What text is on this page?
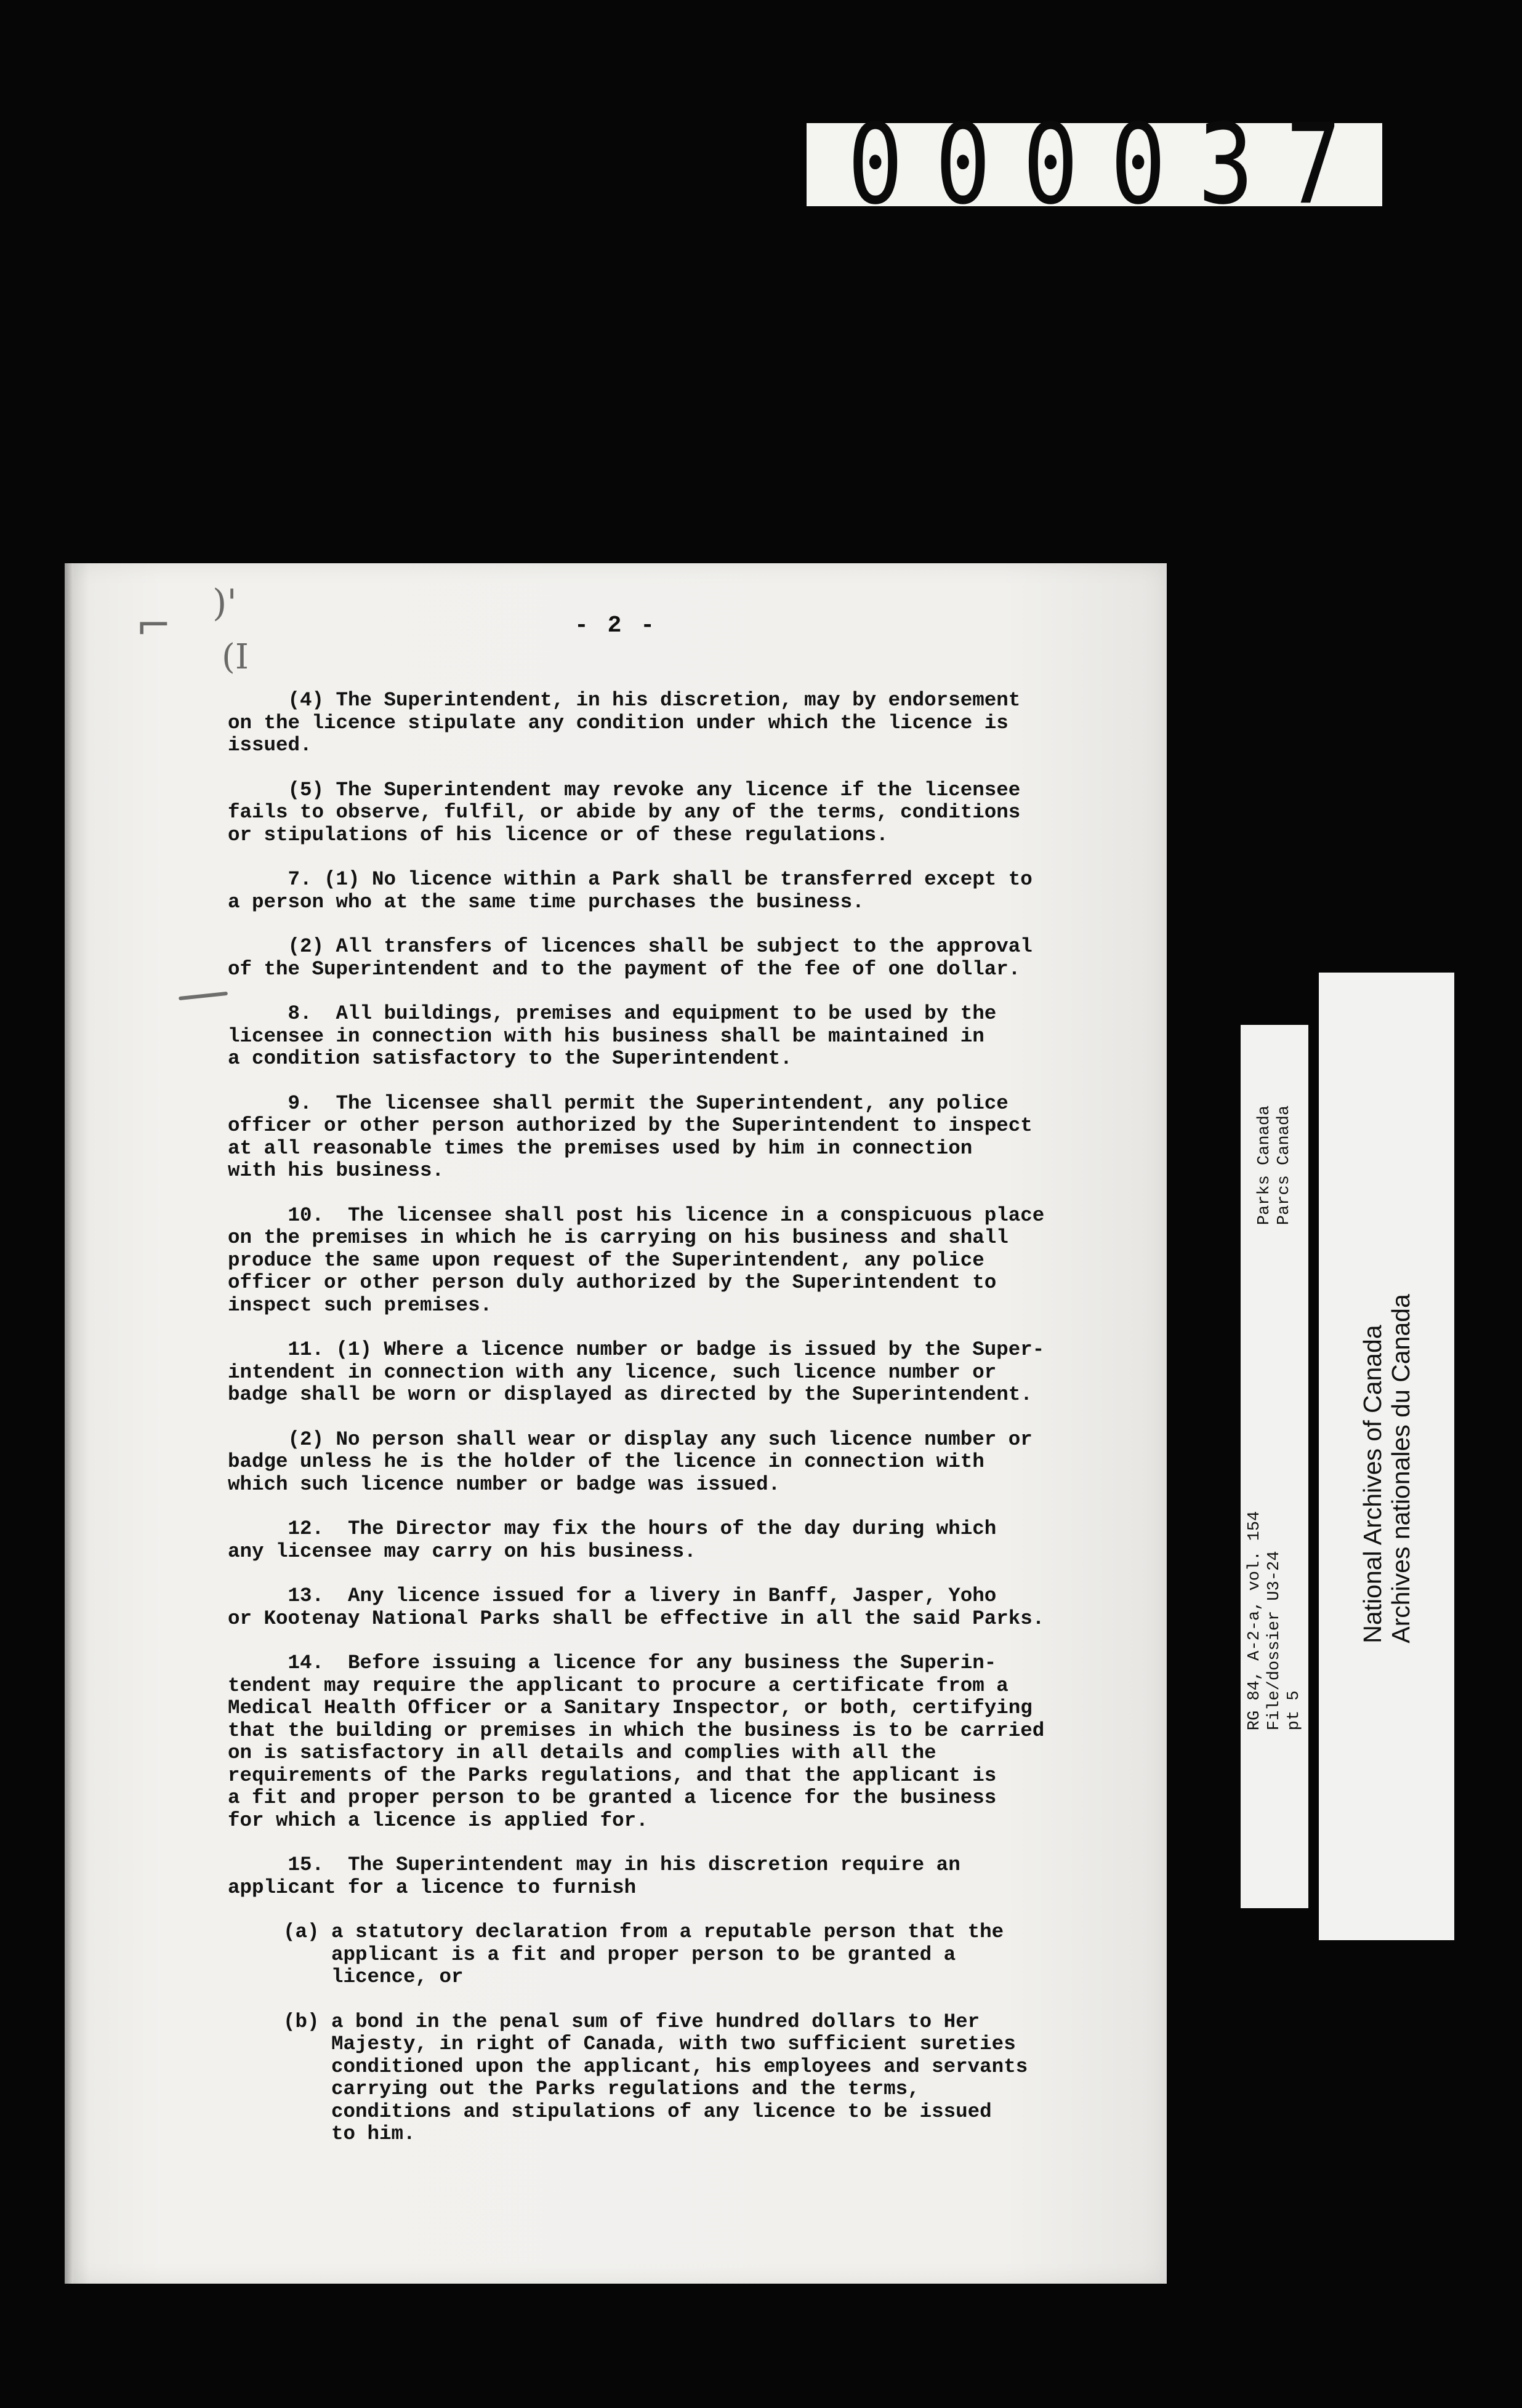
000037
⌐ )'
(I
- 2 -
(4) The Superintendent, in his discretion, may by endorsement
on the licence stipulate any condition under which the licence is
issued.
(5) The Superintendent may revoke any licence if the licensee
fails to observe, fulfil, or abide by any of the terms, conditions
or stipulations of his licence or of these regulations.
7. (1) No licence within a Park shall be transferred except to
a person who at the same time purchases the business.
(2) All transfers of licences shall be subject to the approval
of the Superintendent and to the payment of the fee of one dollar.
8.  All buildings, premises and equipment to be used by the
licensee in connection with his business shall be maintained in
a condition satisfactory to the Superintendent.
9.  The licensee shall permit the Superintendent, any police
officer or other person authorized by the Superintendent to inspect
at all reasonable times the premises used by him in connection
with his business.
10.  The licensee shall post his licence in a conspicuous place
on the premises in which he is carrying on his business and shall
produce the same upon request of the Superintendent, any police
officer or other person duly authorized by the Superintendent to
inspect such premises.
11. (1) Where a licence number or badge is issued by the Super-
intendent in connection with any licence, such licence number or
badge shall be worn or displayed as directed by the Superintendent.
(2) No person shall wear or display any such licence number or
badge unless he is the holder of the licence in connection with
which such licence number or badge was issued.
12.  The Director may fix the hours of the day during which
any licensee may carry on his business.
13.  Any licence issued for a livery in Banff, Jasper, Yoho
or Kootenay National Parks shall be effective in all the said Parks.
14.  Before issuing a licence for any business the Superin-
tendent may require the applicant to procure a certificate from a
Medical Health Officer or a Sanitary Inspector, or both, certifying
that the building or premises in which the business is to be carried
on is satisfactory in all details and complies with all the
requirements of the Parks regulations, and that the applicant is
a fit and proper person to be granted a licence for the business
for which a licence is applied for.
15.  The Superintendent may in his discretion require an
applicant for a licence to furnish
(a) a statutory declaration from a reputable person that the
applicant is a fit and proper person to be granted a
licence, or
(b) a bond in the penal sum of five hundred dollars to Her
Majesty, in right of Canada, with two sufficient sureties
conditioned upon the applicant, his employees and servants
carrying out the Parks regulations and the terms,
conditions and stipulations of any licence to be issued
to him.
RG 84, A-2-a, vol. 154
File/dossier U3-24
pt 5
Parks Canada
Parcs Canada
National Archives of Canada
Archives nationales du Canada
